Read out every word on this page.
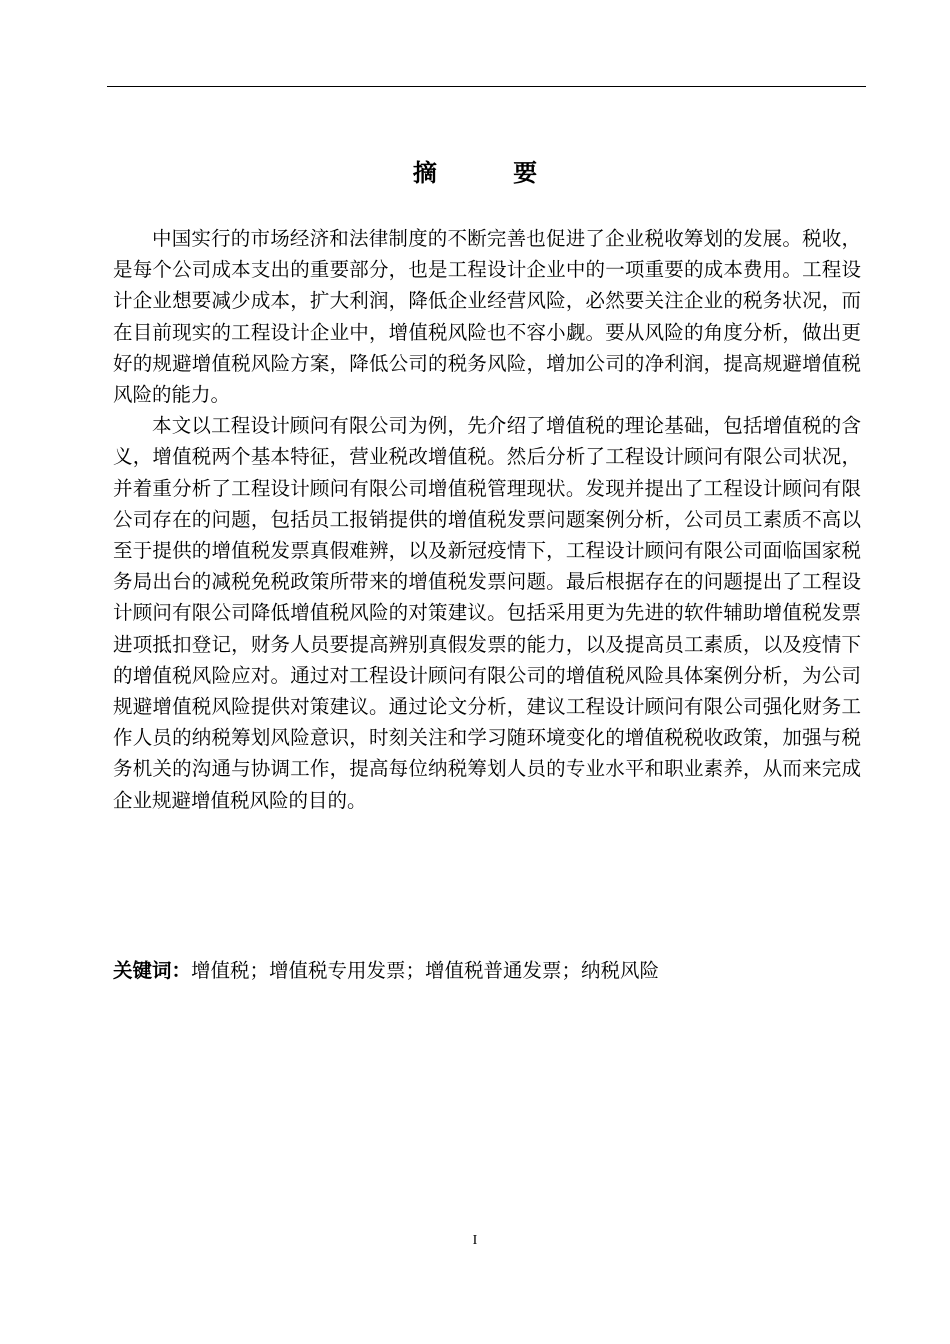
摘 要

中国实行的市场经济和法律制度的不断完善也促进了企业税收筹划的发展。税收，是每个公司成本支出的重要部分，也是工程设计企业中的一项重要的成本费用。工程设计企业想要减少成本，扩大利润，降低企业经营风险，必然要关注企业的税务状况，而在目前现实的工程设计企业中，增值税风险也不容小觑。要从风险的角度分析，做出更好的规避增值税风险方案，降低公司的税务风险，增加公司的净利润，提高规避增值税风险的能力。

本文以工程设计顾问有限公司为例，先介绍了增值税的理论基础，包括增值税的含义，增值税两个基本特征，营业税改增值税。然后分析了工程设计顾问有限公司状况，并着重分析了工程设计顾问有限公司增值税管理现状。发现并提出了工程设计顾问有限公司存在的问题，包括员工报销提供的增值税发票问题案例分析，公司员工素质不高以至于提供的增值税发票真假难辨，以及新冠疫情下，工程设计顾问有限公司面临国家税务局出台的减税免税政策所带来的增值税发票问题。最后根据存在的问题提出了工程设计顾问有限公司降低增值税风险的对策建议。包括采用更为先进的软件辅助增值税发票进项抵扣登记，财务人员要提高辨别真假发票的能力，以及提高员工素质，以及疫情下的增值税风险应对。通过对工程设计顾问有限公司的增值税风险具体案例分析，为公司规避增值税风险提供对策建议。通过论文分析，建议工程设计顾问有限公司强化财务工作人员的纳税筹划风险意识，时刻关注和学习随环境变化的增值税税收政策，加强与税务机关的沟通与协调工作，提高每位纳税筹划人员的专业水平和职业素养，从而来完成企业规避增值税风险的目的。

关键词：增值税；增值税专用发票；增值税普通发票；纳税风险
I
